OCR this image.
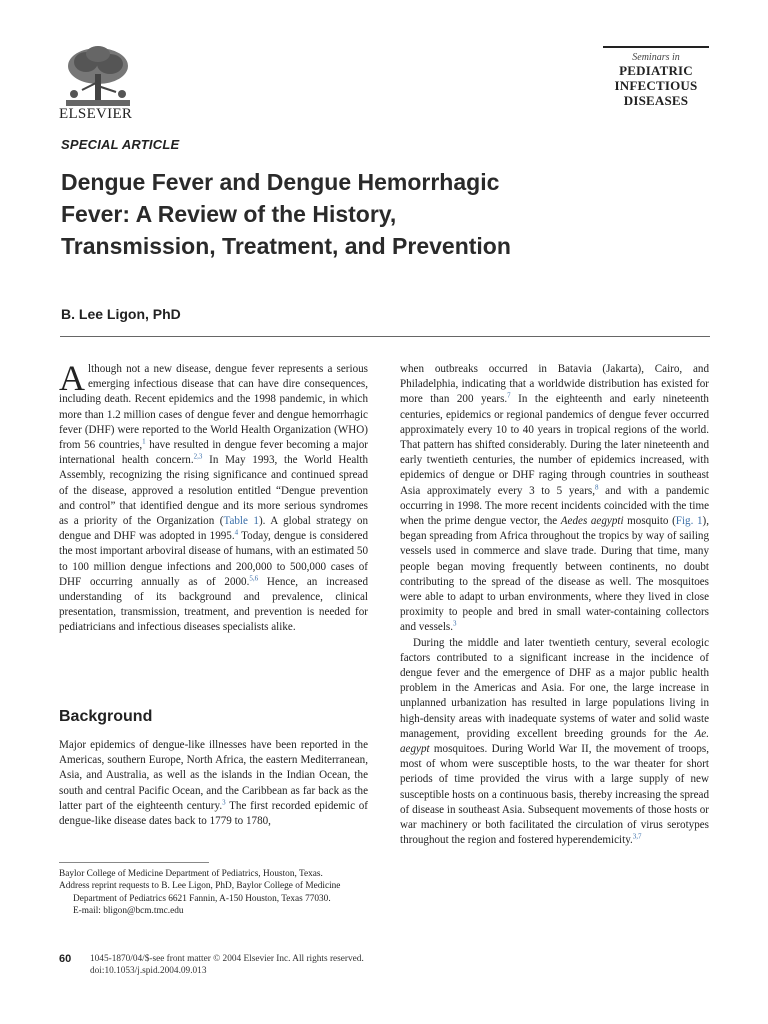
ELSEVIER
Seminars in
PEDIATRIC
INFECTIOUS
DISEASES
SPECIAL ARTICLE
Dengue Fever and Dengue Hemorrhagic Fever: A Review of the History, Transmission, Treatment, and Prevention
B. Lee Ligon, PhD

Although not a new disease, dengue fever represents a serious emerging infectious disease that can have dire consequences, including death. Recent epidemics and the 1998 pandemic, in which more than 1.2 million cases of dengue fever and dengue hemorrhagic fever (DHF) were reported to the World Health Organization (WHO) from 56 countries,$^1$ have resulted in dengue fever becoming a major international health concern.$^{2,3}$ In May 1993, the World Health Assembly, recognizing the rising significance and continued spread of the disease, approved a resolution entitled “Dengue prevention and control” that identified dengue and its more serious syndromes as a priority of the Organization (Table 1). A global strategy on dengue and DHF was adopted in 1995.$^4$ Today, dengue is considered the most important arboviral disease of humans, with an estimated 50 to 100 million dengue infections and 200,000 to 500,000 cases of DHF occurring annually as of 2000.$^{5,6}$ Hence, an increased understanding of its background and prevalence, clinical presentation, transmission, treatment, and prevention is needed for pediatricians and infectious diseases specialists alike.

Background

Major epidemics of dengue-like illnesses have been reported in the Americas, southern Europe, North Africa, the eastern Mediterranean, Asia, and Australia, as well as the islands in the Indian Ocean, the south and central Pacific Ocean, and the Caribbean as far back as the latter part of the eighteenth century.$^3$ The first recorded epidemic of dengue-like disease dates back to 1779 to 1780,

when outbreaks occurred in Batavia (Jakarta), Cairo, and Philadelphia, indicating that a worldwide distribution has existed for more than 200 years.$^7$ In the eighteenth and early nineteenth centuries, epidemics or regional pandemics of dengue fever occurred approximately every 10 to 40 years in tropical regions of the world. That pattern has shifted considerably. During the later nineteenth and early twentieth centuries, the number of epidemics increased, with epidemics of dengue or DHF raging through countries in southeast Asia approximately every 3 to 5 years,$^8$ and with a pandemic occurring in 1998. The more recent incidents coincided with the time when the prime dengue vector, the Aedes aegypti mosquito (Fig. 1), began spreading from Africa throughout the tropics by way of sailing vessels used in commerce and slave trade. During that time, many people began moving frequently between continents, no doubt contributing to the spread of the disease as well. The mosquitoes were able to adapt to urban environments, where they lived in close proximity to people and bred in small water-containing collectors and vessels.$^3$

During the middle and later twentieth century, several ecologic factors contributed to a significant increase in the incidence of dengue fever and the emergence of DHF as a major public health problem in the Americas and Asia. For one, the large increase in unplanned urbanization has resulted in large populations living in high-density areas with inadequate systems of water and solid waste management, providing excellent breeding grounds for the Ae. aegypt mosquitoes. During World War II, the movement of troops, most of whom were susceptible hosts, to the war theater for short periods of time provided the virus with a large supply of new susceptible hosts on a continuous basis, thereby increasing the spread of disease in southeast Asia. Subsequent movements of those hosts or war machinery or both facilitated the circulation of virus serotypes throughout the region and fostered hyperendemicity.$^{3,7}$

Baylor College of Medicine Department of Pediatrics, Houston, Texas.
Address reprint requests to B. Lee Ligon, PhD, Baylor College of Medicine
Department of Pediatrics 6621 Fannin, A-150 Houston, Texas 77030.
E-mail: bligon@bcm.tmc.edu
60 1045-1870/04/$-see front matter © 2004 Elsevier Inc. All rights reserved.
doi:10.1053/j.spid.2004.09.013
